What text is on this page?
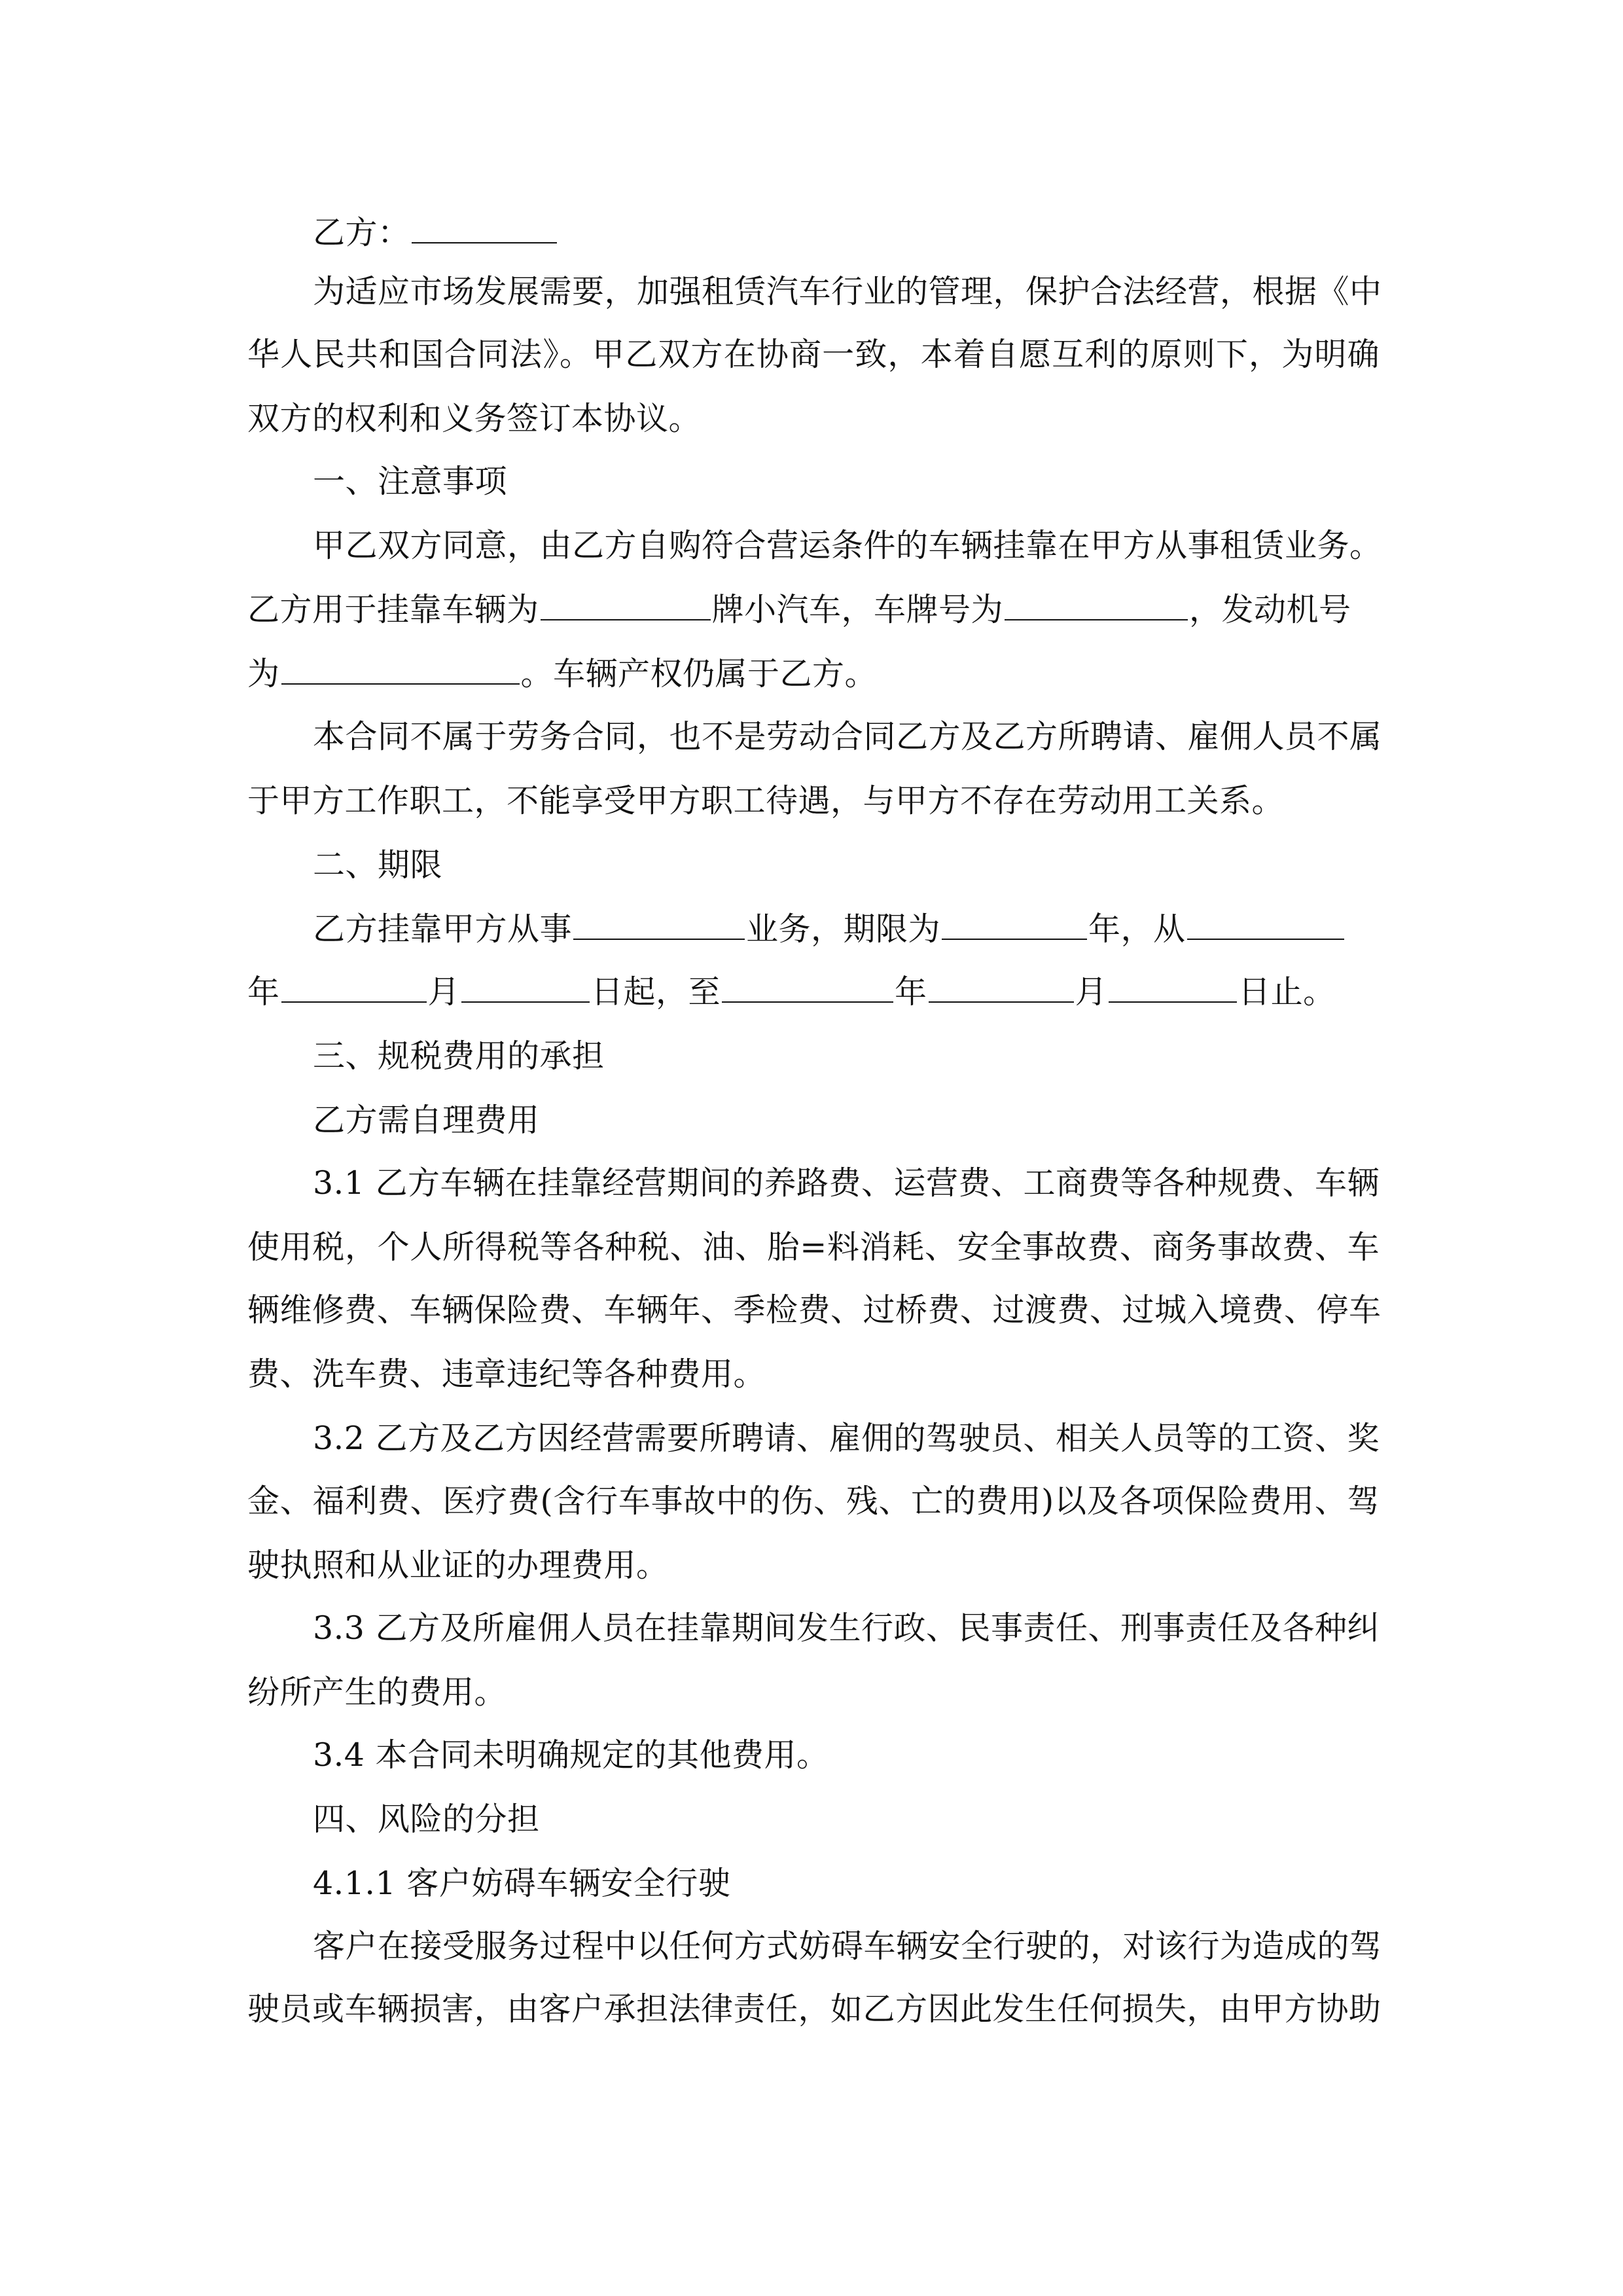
乙方：
为适应市场发展需要，加强租赁汽车行业的管理，保护合法经营，根据《中
华人民共和国合同法》。甲乙双方在协商一致，本着自愿互利的原则下，为明确
双方的权利和义务签订本协议。
一、注意事项
甲乙双方同意，由乙方自购符合营运条件的车辆挂靠在甲方从事租赁业务。
乙方用于挂靠车辆为	牌小汽车，车牌号为	，发动机号
为	。车辆产权仍属于乙方。
本合同不属于劳务合同，也不是劳动合同乙方及乙方所聘请、雇佣人员不属
于甲方工作职工，不能享受甲方职工待遇，与甲方不存在劳动用工关系。
二、期限
乙方挂靠甲方从事	业务，期限为	年，从
年	月	日起，至	年	月	日止。
三、规税费用的承担
乙方需自理费用
3.1 乙方车辆在挂靠经营期间的养路费、运营费、工商费等各种规费、车辆
使用税，个人所得税等各种税、油、胎=料消耗、安全事故费、商务事故费、车
辆维修费、车辆保险费、车辆年、季检费、过桥费、过渡费、过城入境费、停车
费、洗车费、违章违纪等各种费用。
3.2 乙方及乙方因经营需要所聘请、雇佣的驾驶员、相关人员等的工资、奖
金、福利费、医疗费(含行车事故中的伤、残、亡的费用)以及各项保险费用、驾
驶执照和从业证的办理费用。
3.3 乙方及所雇佣人员在挂靠期间发生行政、民事责任、刑事责任及各种纠
纷所产生的费用。
3.4 本合同未明确规定的其他费用。
四、风险的分担
4.1.1 客户妨碍车辆安全行驶
客户在接受服务过程中以任何方式妨碍车辆安全行驶的，对该行为造成的驾
驶员或车辆损害，由客户承担法律责任，如乙方因此发生任何损失，由甲方协助
